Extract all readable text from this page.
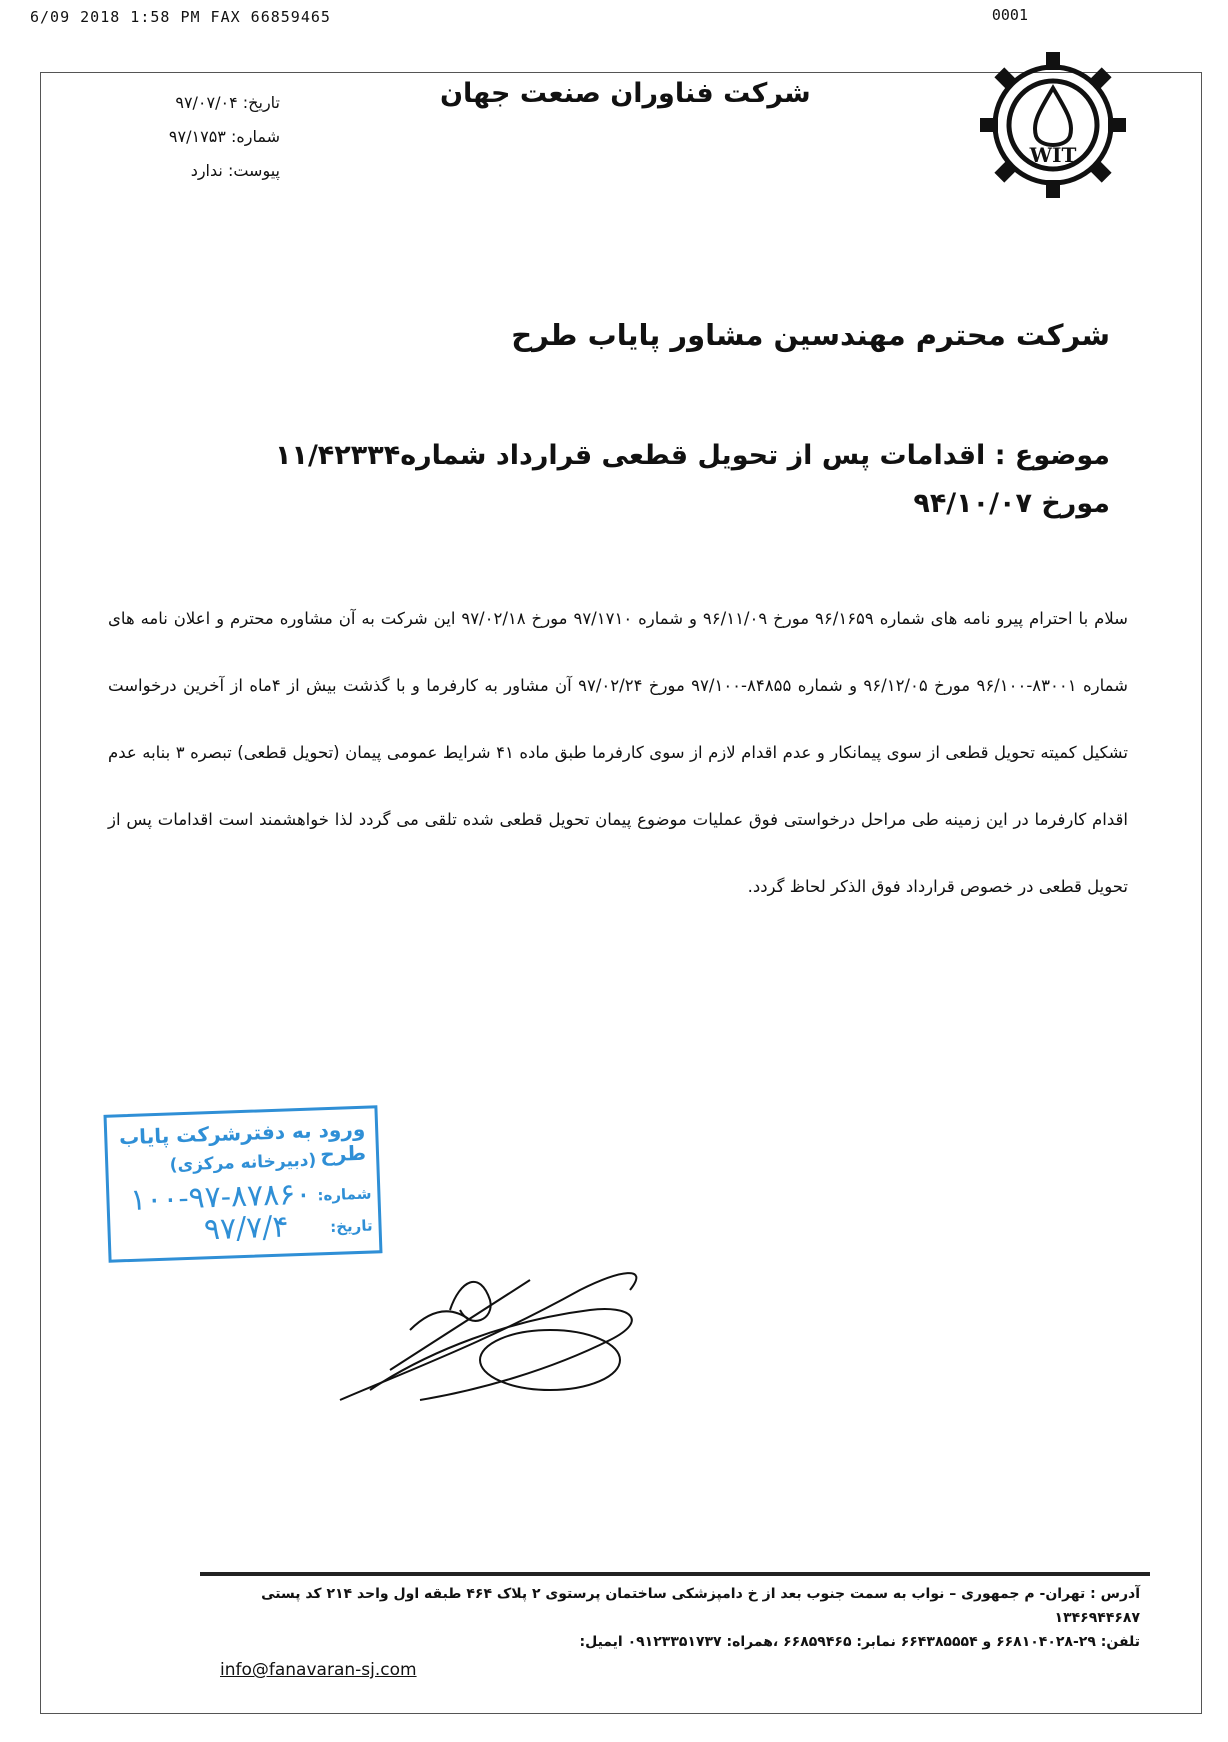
6/09 2018 1:58 PM FAX 66859465	0001
WIT
شرکت فناوران صنعت جهان
تاریخ: ۹۷/۰۷/۰۴
شماره: ۹۷/۱۷۵۳
پیوست: ندارد
شرکت محترم مهندسین مشاور پایاب طرح
موضوع : اقدامات پس از تحویل قطعی قرارداد شماره۱۱/۴۲۳۳۴ مورخ ۹۴/۱۰/۰۷
سلام با احترام پیرو نامه های شماره ۹۶/۱۶۵۹ مورخ ۹۶/۱۱/۰۹ و شماره ۹۷/۱۷۱۰ مورخ ۹۷/۰۲/۱۸ این شرکت به آن مشاوره محترم و اعلان نامه های شماره ۸۳۰۰۱-۹۶/۱۰۰ مورخ ۹۶/۱۲/۰۵ و شماره ۸۴۸۵۵-۹۷/۱۰۰ مورخ ۹۷/۰۲/۲۴ آن مشاور به کارفرما و با گذشت بیش از ۴ماه از آخرین درخواست تشکیل کمیته تحویل قطعی از سوی پیمانکار و عدم اقدام لازم از سوی کارفرما طبق ماده ۴۱ شرایط عمومی پیمان (تحویل قطعی) تبصره ۳ بنابه عدم اقدام کارفرما در این زمینه طی مراحل درخواستی فوق عملیات موضوع پیمان تحویل قطعی شده تلقی می گردد لذا خواهشمند است اقدامات پس از تحویل قطعی در خصوص قرارداد فوق الذکر لحاظ گردد.
ورود به دفترشرکت پایاب طرح
(دبیرخانه مرکزی)
شماره:
۱۰۰-۹۷-۸۷۸۶۰
تاریخ:
۹۷/۷/۴
آدرس : تهران- م جمهوری – نواب به سمت جنوب بعد از خ دامپزشکی ساختمان پرستوی ۲ پلاک ۴۶۴ طبقه اول واحد ۲۱۴ کد پستی ۱۳۴۶۹۴۴۶۸۷
تلفن: ۲۹-۶۶۸۱۰۴۰۲۸ و ۶۶۴۳۸۵۵۵۴ نمابر: ۶۶۸۵۹۴۶۵ ،همراه: ۰۹۱۲۳۳۵۱۷۳۷ ایمیل:
info@fanavaran-sj.com
